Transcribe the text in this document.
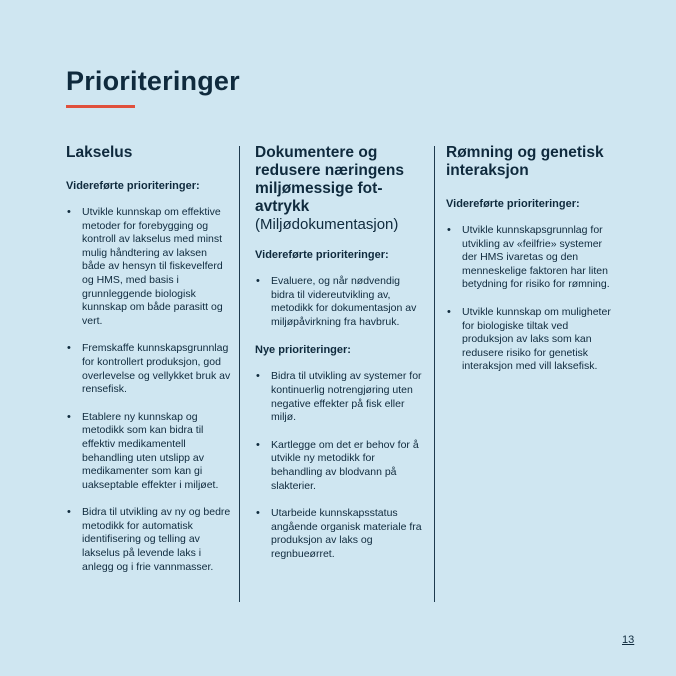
Prioriteringer
Lakselus

Videreførte prioriteringer:

• Utvikle kunnskap om effektive metoder for forebygging og kontroll av lakselus med minst mulig håndtering av laksen både av hensyn til fiskevelferd og HMS, med basis i grunnleggende biologisk kunnskap om både parasitt og vert.
• Fremskaffe kunnskapsgrunnlag for kontrollert produksjon, god overlevelse og vellykket bruk av rensefisk.
• Etablere ny kunnskap og metodikk som kan bidra til effektiv medikamentell behandling uten utslipp av medikamenter som kan gi uakseptable effekter i miljøet.
• Bidra til utvikling av ny og bedre metodikk for automatisk identifisering og telling av lakselus på levende laks i anlegg og i frie vannmasser.
Dokumentere og redusere næringens miljømessige fotavtrykk

(Miljødokumentasjon)

Videreførte prioriteringer:

• Evaluere, og når nødvendig bidra til videreutvikling av, metodikk for dokumentasjon av miljøpåvirkning fra havbruk.

Nye prioriteringer:

• Bidra til utvikling av systemer for kontinuerlig notrengjøring uten negative effekter på fisk eller miljø.
• Kartlegge om det er behov for å utvikle ny metodikk for behandling av blodvann på slakterier.
• Utarbeide kunnskapsstatus angående organisk materiale fra produksjon av laks og regnbueørret.
Rømning og genetisk interaksjon

Videreførte prioriteringer:

• Utvikle kunnskapsgrunnlag for utvikling av «feilfrie» systemer der HMS ivaretas og den menneskelige faktoren har liten betydning for risiko for rømning.
• Utvikle kunnskap om muligheter for biologiske tiltak ved produksjon av laks som kan redusere risiko for genetisk interaksjon med vill laksefisk.
13
